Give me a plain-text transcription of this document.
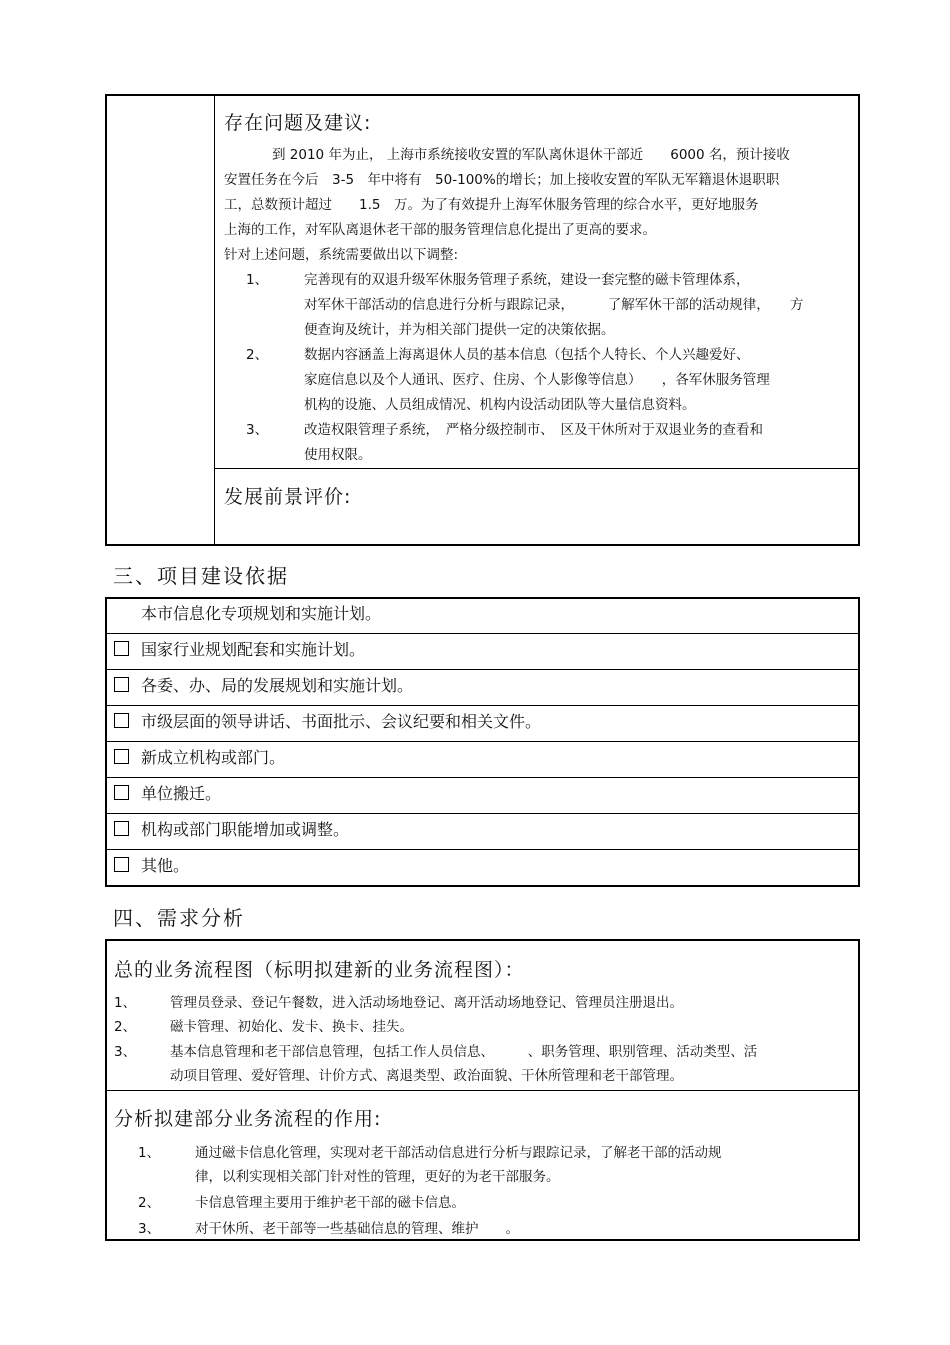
存在问题及建议:
到 2010 年为止， 上海市系统接收安置的军队离休退休干部近　　6000 名，预计接收
安置任务在今后　3-5　年中将有　50-100%的增长；加上接收安置的军队无军籍退休退职职
工，总数预计超过　　1.5　万。为了有效提升上海军休服务管理的综合水平，更好地服务
上海的工作，对军队离退休老干部的服务管理信息化提出了更高的要求。
针对上述问题，系统需要做出以下调整:
1、	完善现有的双退升级军休服务管理子系统，建设一套完整的磁卡管理体系，
对军休干部活动的信息进行分析与跟踪记录，　　　了解军休干部的活动规律，　　方
便查询及统计，并为相关部门提供一定的决策依据。
2、	数据内容涵盖上海离退休人员的基本信息（包括个人特长、个人兴趣爱好、
家庭信息以及个人通讯、医疗、住房、个人影像等信息）　　，各军休服务管理
机构的设施、人员组成情况、机构内设活动团队等大量信息资料。
3、	改造权限管理子系统，　严格分级控制市、　区及干休所对于双退业务的查看和
使用权限。
发展前景评价:
三、项目建设依据
本市信息化专项规划和实施计划。
国家行业规划配套和实施计划。
各委、办、局的发展规划和实施计划。
市级层面的领导讲话、书面批示、会议纪要和相关文件。
新成立机构或部门。
单位搬迁。
机构或部门职能增加或调整。
其他。
四、需求分析
总的业务流程图（标明拟建新的业务流程图）：
1、	管理员登录、登记午餐数，进入活动场地登记、离开活动场地登记、管理员注册退出。
2、	磁卡管理、初始化、发卡、换卡、挂失。
3、	基本信息管理和老干部信息管理，包括工作人员信息、　　　、职务管理、职别管理、活动类型、活
动项目管理、爱好管理、计价方式、离退类型、政治面貌、干休所管理和老干部管理。
分析拟建部分业务流程的作用:
1、	通过磁卡信息化管理，实现对老干部活动信息进行分析与跟踪记录，了解老干部的活动规
律，以利实现相关部门针对性的管理，更好的为老干部服务。
2、	卡信息管理主要用于维护老干部的磁卡信息。
3、	对干休所、老干部等一些基础信息的管理、维护　　。
